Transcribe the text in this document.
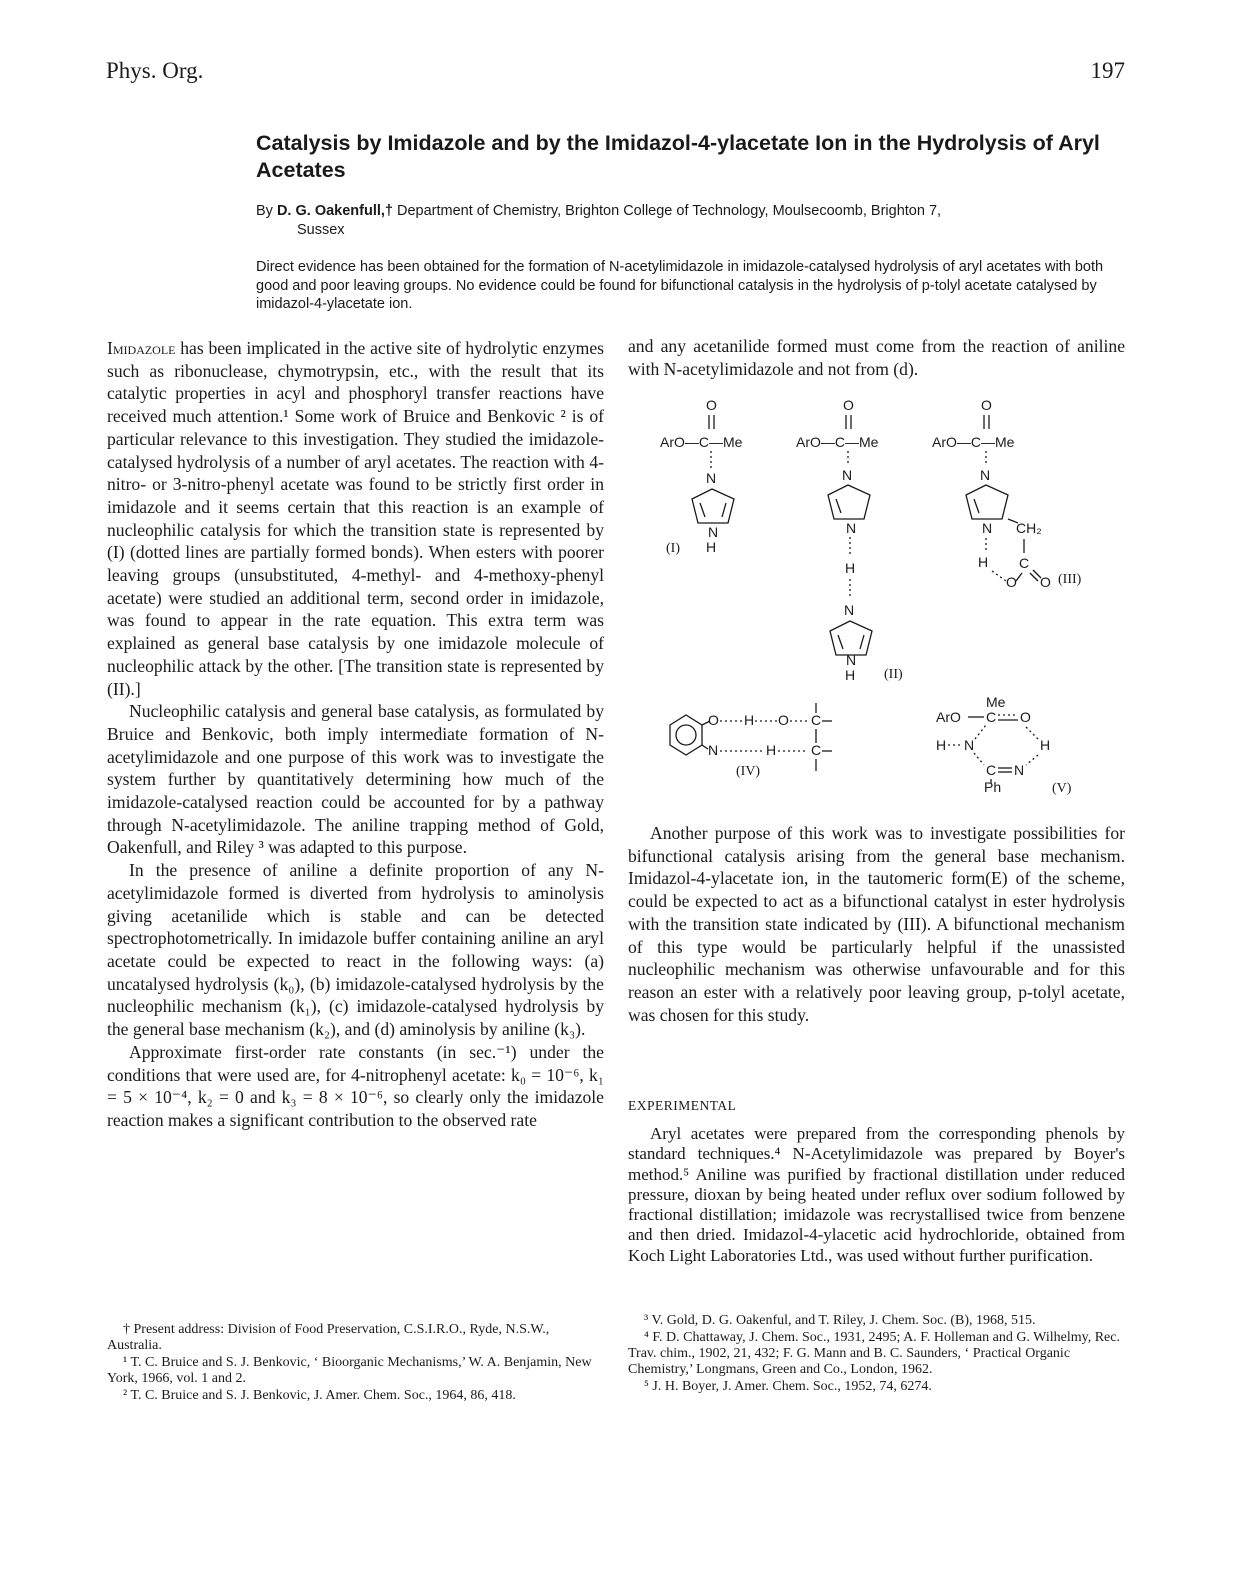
Phys. Org.	197
Catalysis by Imidazole and by the Imidazol-4-ylacetate Ion in the Hydrolysis of Aryl Acetates
By D. G. Oakenfull,† Department of Chemistry, Brighton College of Technology, Moulsecoomb, Brighton 7,
Sussex
Direct evidence has been obtained for the formation of N-acetylimidazole in imidazole-catalysed hydrolysis of aryl acetates with both good and poor leaving groups. No evidence could be found for bifunctional catalysis in the hydrolysis of p-tolyl acetate catalysed by imidazol-4-ylacetate ion.

Imidazole has been implicated in the active site of hydrolytic enzymes such as ribonuclease, chymotrypsin, etc., with the result that its catalytic properties in acyl and phosphoryl transfer reactions have received much attention.¹ Some work of Bruice and Benkovic ² is of particular relevance to this investigation. They studied the imidazole-catalysed hydrolysis of a number of aryl acetates. The reaction with 4-nitro- or 3-nitro-phenyl acetate was found to be strictly first order in imidazole and it seems certain that this reaction is an example of nucleophilic catalysis for which the transition state is represented by (I) (dotted lines are partially formed bonds). When esters with poorer leaving groups (unsubstituted, 4-methyl- and 4-methoxy-phenyl acetate) were studied an additional term, second order in imidazole, was found to appear in the rate equation. This extra term was explained as general base catalysis by one imidazole molecule of nucleophilic attack by the other. [The transition state is represented by (II).]

Nucleophilic catalysis and general base catalysis, as formulated by Bruice and Benkovic, both imply intermediate formation of N-acetylimidazole and one purpose of this work was to investigate the system further by quantitatively determining how much of the imidazole-catalysed reaction could be accounted for by a pathway through N-acetylimidazole. The aniline trapping method of Gold, Oakenfull, and Riley ³ was adapted to this purpose.

In the presence of aniline a definite proportion of any N-acetylimidazole formed is diverted from hydrolysis to aminolysis giving acetanilide which is stable and can be detected spectrophotometrically. In imidazole buffer containing aniline an aryl acetate could be expected to react in the following ways: (a) uncatalysed hydrolysis (k₀), (b) imidazole-catalysed hydrolysis by the nucleophilic mechanism (k₁), (c) imidazole-catalysed hydrolysis by the general base mechanism (k₂), and (d) aminolysis by aniline (k₃).

Approximate first-order rate constants (in sec.⁻¹) under the conditions that were used are, for 4-nitrophenyl acetate: k₀ = 10⁻⁶, k₁ = 5 × 10⁻⁴, k₂ = 0 and k₃ = 8 × 10⁻⁶, so clearly only the imidazole reaction makes a significant contribution to the observed rate

† Present address: Division of Food Preservation, C.S.I.R.O., Ryde, N.S.W., Australia.

¹ T. C. Bruice and S. J. Benkovic, ‘ Bioorganic Mechanisms,’ W. A. Benjamin, New York, 1966, vol. 1 and 2.

² T. C. Bruice and S. J. Benkovic, J. Amer. Chem. Soc., 1964, 86, 418.

and any acetanilide formed must come from the reaction of aniline with N-acetylimidazole and not from (d).

O
ArO—C—Me
N
N
(I) H
O
ArO—C—Me
N
N
H
N
N
H (II)
O
ArO—C—Me
N
N CH₂
C
H
O O (III)
O H O C
N	H C
(IV)
Me
ArO C O
H N	H
C N
Ph	(V)

Another purpose of this work was to investigate possibilities for bifunctional catalysis arising from the general base mechanism. Imidazol-4-ylacetate ion, in the tautomeric form(E) of the scheme, could be expected to act as a bifunctional catalyst in ester hydrolysis with the transition state indicated by (III). A bifunctional mechanism of this type would be particularly helpful if the unassisted nucleophilic mechanism was otherwise unfavourable and for this reason an ester with a relatively poor leaving group, p-tolyl acetate, was chosen for this study.

EXPERIMENTAL

Aryl acetates were prepared from the corresponding phenols by standard techniques.⁴ N-Acetylimidazole was prepared by Boyer's method.⁵ Aniline was purified by fractional distillation under reduced pressure, dioxan by being heated under reflux over sodium followed by fractional distillation; imidazole was recrystallised twice from benzene and then dried. Imidazol-4-ylacetic acid hydrochloride, obtained from Koch Light Laboratories Ltd., was used without further purification.

³ V. Gold, D. G. Oakenful, and T. Riley, J. Chem. Soc. (B), 1968, 515.

⁴ F. D. Chattaway, J. Chem. Soc., 1931, 2495; A. F. Holleman and G. Wilhelmy, Rec. Trav. chim., 1902, 21, 432; F. G. Mann and B. C. Saunders, ‘ Practical Organic Chemistry,’ Longmans, Green and Co., London, 1962.

⁵ J. H. Boyer, J. Amer. Chem. Soc., 1952, 74, 6274.
